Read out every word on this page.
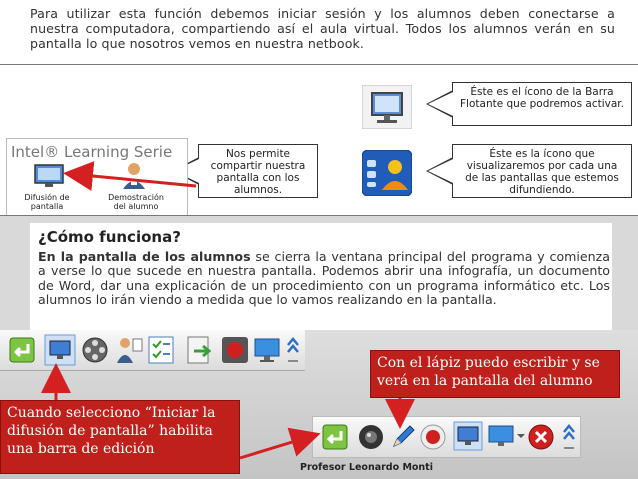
Para utilizar esta función debemos iniciar sesión y los alumnos deben conectarse a nuestra computadora, compartiendo así el aula virtual. Todos los alumnos verán en su pantalla lo que nosotros vemos en nuestra netbook.
Éste es el ícono de la Barra Flotante que podremos activar.
Nos permite compartir nuestra pantalla con los alumnos.
Éste es la ícono que visualizaremos por cada una de las pantallas que estemos difundiendo.
Intel® Learning Serie
Difusión de pantalla
Demostración del alumno
¿Cómo funciona?
En la pantalla de los alumnos se cierra la ventana principal del programa y comienza a verse lo que sucede en nuestra pantalla. Podemos abrir una infografía, un documento de Word, dar una explicación de un procedimiento con un programa informático etc. Los alumnos lo irán viendo a medida que lo vamos realizando en la pantalla.
Con el lápiz puedo escribir y se verá en la pantalla del alumno
Cuando selecciono “Iniciar la difusión de pantalla” habilita una barra de edición
Profesor Leonardo Monti
